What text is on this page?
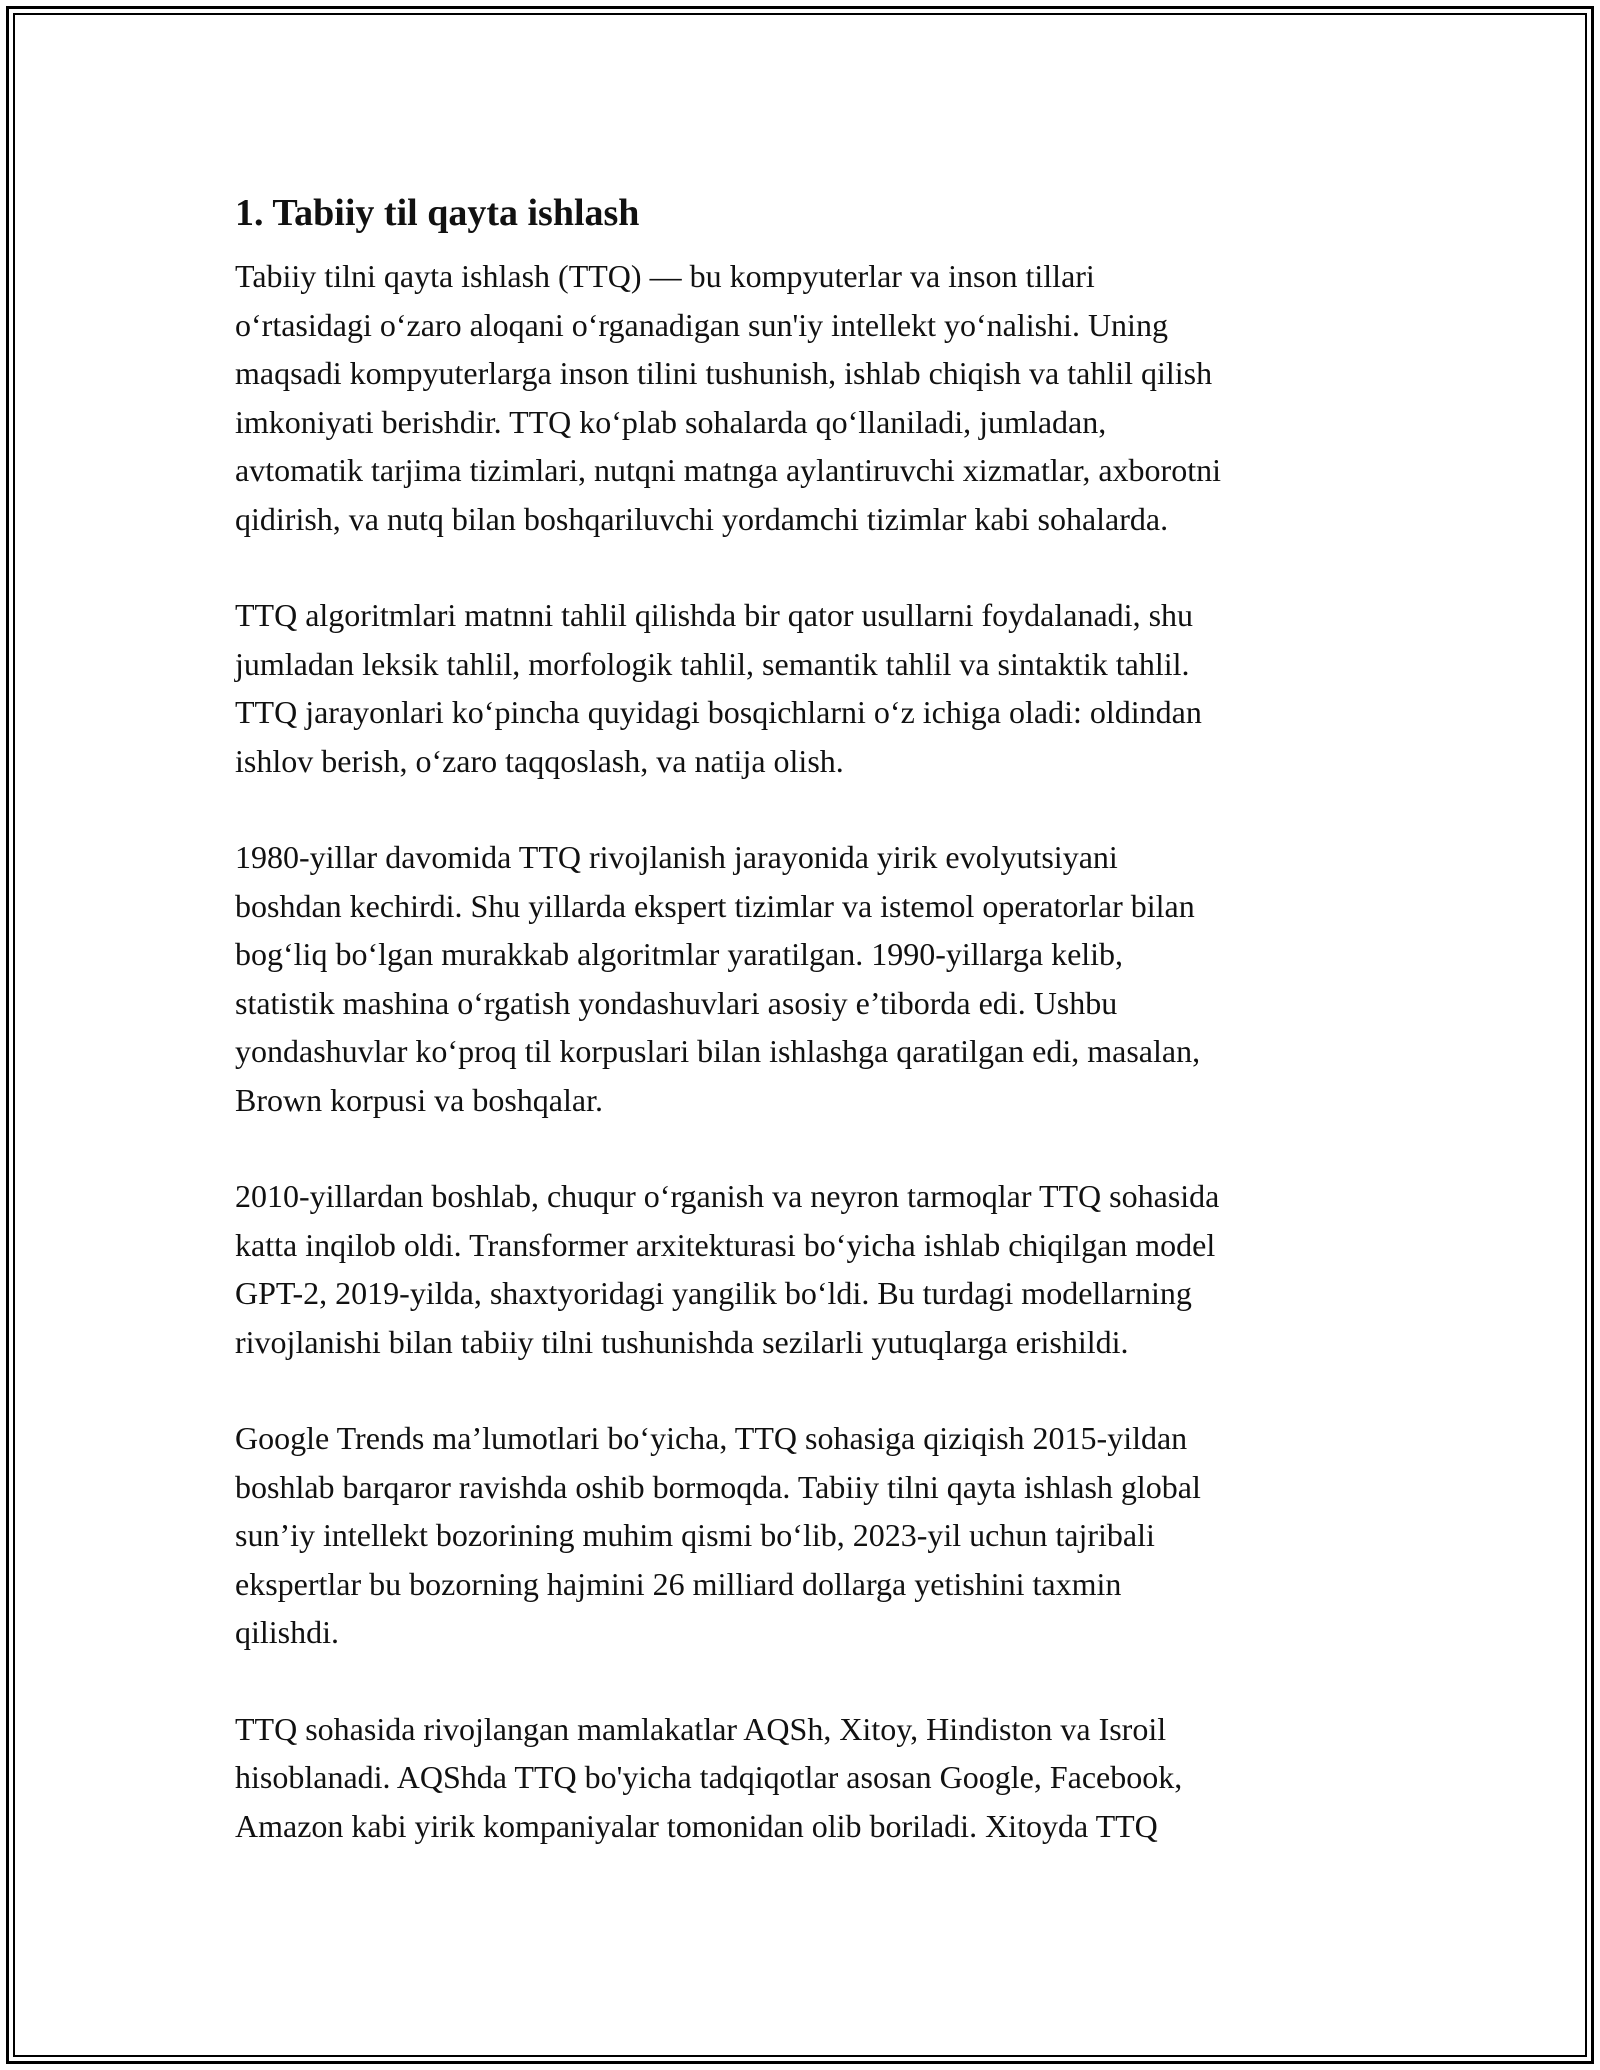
1. Tabiiy til qayta ishlash

Tabiiy tilni qayta ishlash (TTQ) — bu kompyuterlar va inson tillari
o‘rtasidagi o‘zaro aloqani o‘rganadigan sun'iy intellekt yo‘nalishi. Uning
maqsadi kompyuterlarga inson tilini tushunish, ishlab chiqish va tahlil qilish
imkoniyati berishdir. TTQ ko‘plab sohalarda qo‘llaniladi, jumladan,
avtomatik tarjima tizimlari, nutqni matnga aylantiruvchi xizmatlar, axborotni
qidirish, va nutq bilan boshqariluvchi yordamchi tizimlar kabi sohalarda.

TTQ algoritmlari matnni tahlil qilishda bir qator usullarni foydalanadi, shu
jumladan leksik tahlil, morfologik tahlil, semantik tahlil va sintaktik tahlil.
TTQ jarayonlari ko‘pincha quyidagi bosqichlarni o‘z ichiga oladi: oldindan
ishlov berish, o‘zaro taqqoslash, va natija olish.

1980-yillar davomida TTQ rivojlanish jarayonida yirik evolyutsiyani
boshdan kechirdi. Shu yillarda ekspert tizimlar va istemol operatorlar bilan
bog‘liq bo‘lgan murakkab algoritmlar yaratilgan. 1990-yillarga kelib,
statistik mashina o‘rgatish yondashuvlari asosiy e’tiborda edi. Ushbu
yondashuvlar ko‘proq til korpuslari bilan ishlashga qaratilgan edi, masalan,
Brown korpusi va boshqalar.

2010-yillardan boshlab, chuqur o‘rganish va neyron tarmoqlar TTQ sohasida
katta inqilob oldi. Transformer arxitekturasi bo‘yicha ishlab chiqilgan model
GPT-2, 2019-yilda, shaxtyoridagi yangilik bo‘ldi. Bu turdagi modellarning
rivojlanishi bilan tabiiy tilni tushunishda sezilarli yutuqlarga erishildi.

Google Trends ma’lumotlari bo‘yicha, TTQ sohasiga qiziqish 2015-yildan
boshlab barqaror ravishda oshib bormoqda. Tabiiy tilni qayta ishlash global
sun’iy intellekt bozorining muhim qismi bo‘lib, 2023-yil uchun tajribali
ekspertlar bu bozorning hajmini 26 milliard dollarga yetishini taxmin
qilishdi.

TTQ sohasida rivojlangan mamlakatlar AQSh, Xitoy, Hindiston va Isroil
hisoblanadi. AQShda TTQ bo'yicha tadqiqotlar asosan Google, Facebook,
Amazon kabi yirik kompaniyalar tomonidan olib boriladi. Xitoyda TTQ
